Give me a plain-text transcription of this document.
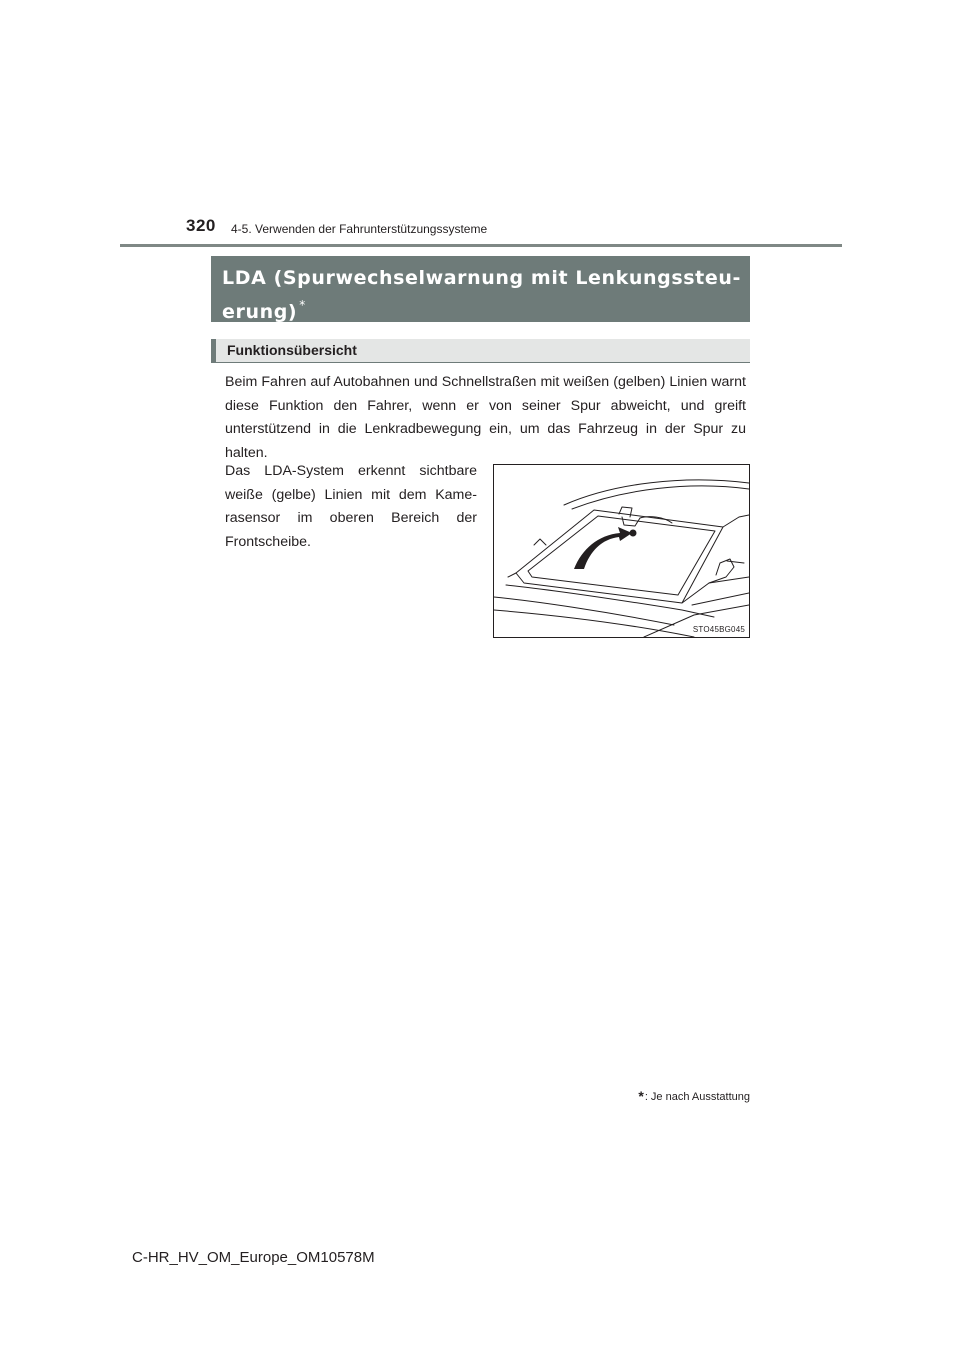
320 4-5. Verwenden der Fahrunterstützungssysteme
LDA (Spurwechselwarnung mit Lenkungssteu-
erung) *
Funktionsübersicht

Beim Fahren auf Autobahnen und Schnellstraßen mit weißen (gelben) Linien warnt diese Funktion den Fahrer, wenn er von seiner Spur abweicht, und greift unterstützend in die Lenkradbewegung ein, um das Fahrzeug in der Spur zu halten.

Das LDA-System erkennt sichtbare weiße (gelbe) Linien mit dem Kame-rasensor im oberen Bereich der Frontscheibe.

STO45BG045
*: Je nach Ausstattung
C-HR_HV_OM_Europe_OM10578M
